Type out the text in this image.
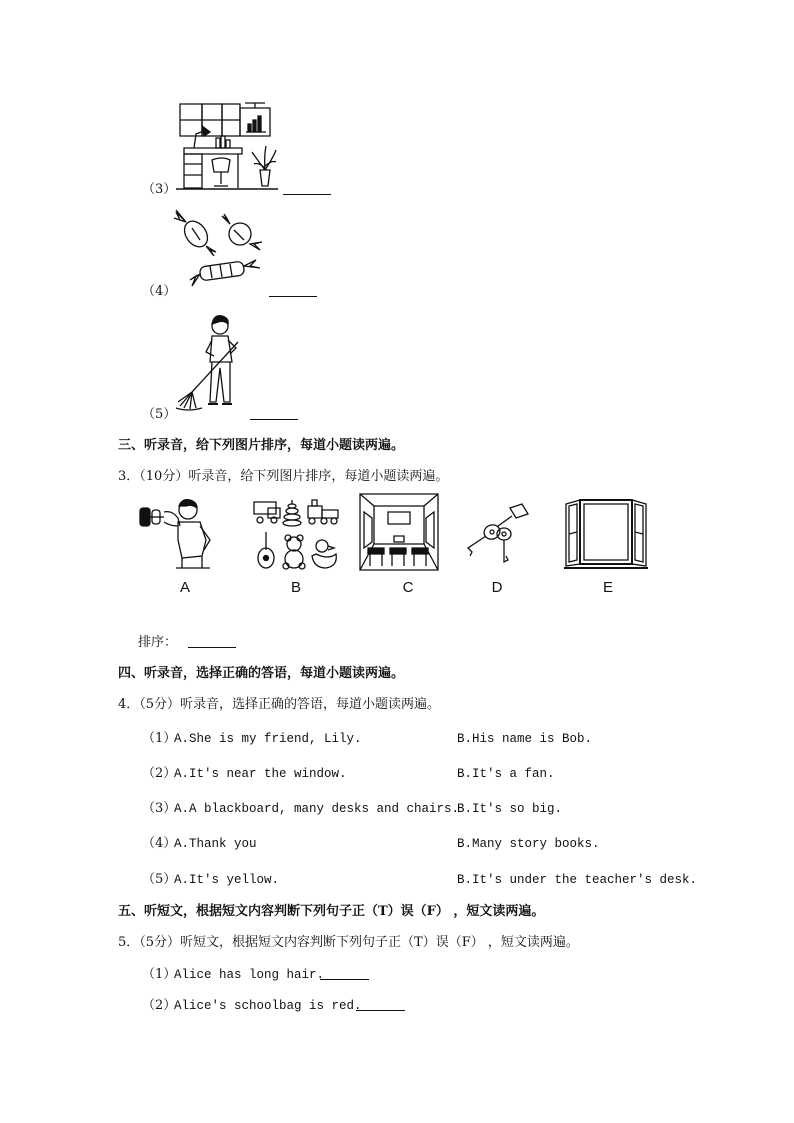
（3）
（4）
（5）
三、听录音，给下列图片排序，每道小题读两遍。
3．（10分）听录音，给下列图片排序，每道小题读两遍。
A	B	C	D	E
排序：
四、听录音，选择正确的答语，每道小题读两遍。
4．（5分）听录音，选择正确的答语，每道小题读两遍。
（1）
A.She is my friend, Lily.	B.His name is Bob.
（2）
A.It's near the window.	B.It's a fan.
（3）
A.A blackboard, many desks and chairs.
B.It's so big.
（4）
A.Thank you	B.Many story books.
（5）
A.It's yellow.	B.It's under the teacher's desk.
五、听短文，根据短文内容判断下列句子正（T）误（F） ，短文读两遍。
5．（5分）听短文，根据短文内容判断下列句子正（T）误（F） ，短文读两遍。
（1）
Alice has long hair.
（2）
Alice's schoolbag is red.
